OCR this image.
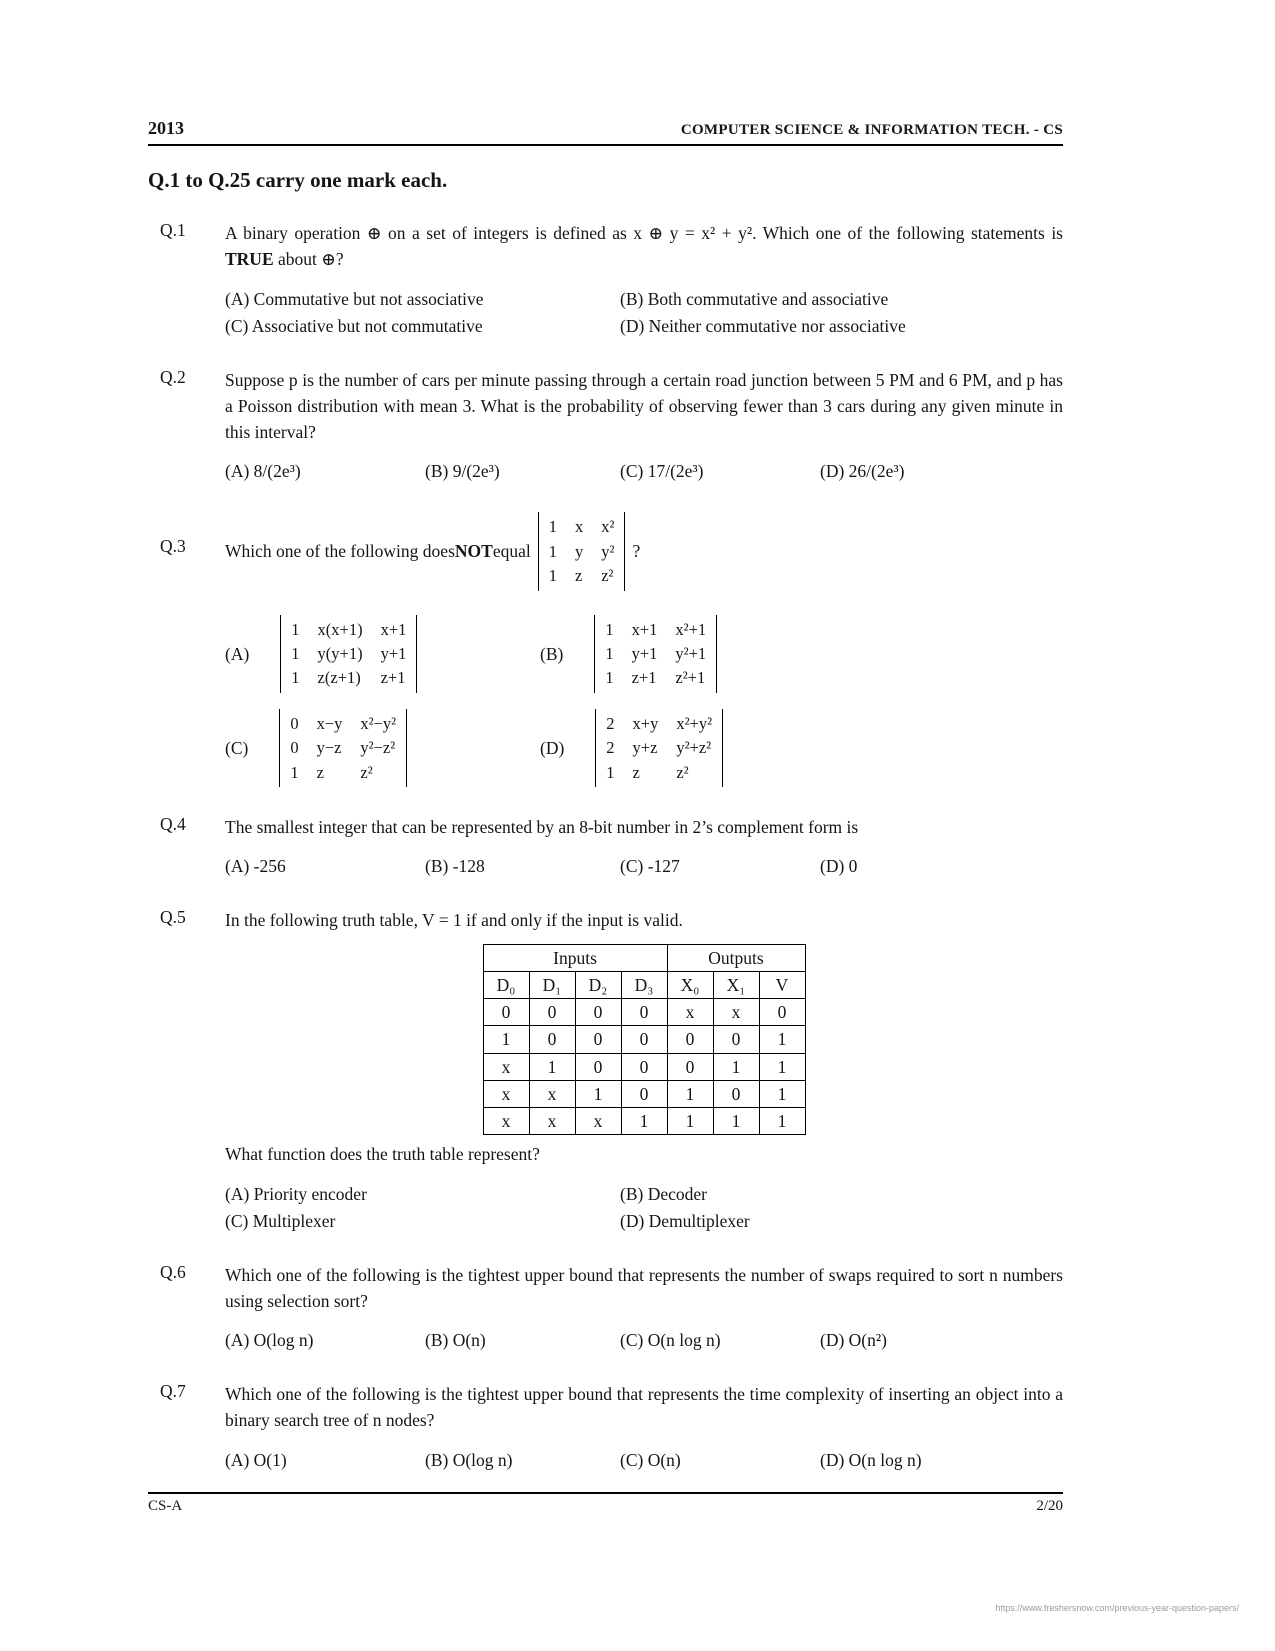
2013	COMPUTER SCIENCE & INFORMATION TECH. - CS
Q.1 to Q.25 carry one mark each.
Q.1	A binary operation ⊕ on a set of integers is defined as x ⊕ y = x² + y². Which one of the following statements is TRUE about ⊕?

(A) Commutative but not associative	(B) Both commutative and associative
(C) Associative but not commutative	(D) Neither commutative nor associative
Q.2	Suppose p is the number of cars per minute passing through a certain road junction between 5 PM and 6 PM, and p has a Poisson distribution with mean 3. What is the probability of observing fewer than 3 cars during any given minute in this interval?

(A) 8/(2e³)	(B) 9/(2e³)	(C) 17/(2e³)	(D) 26/(2e³)
Q.3	Which one of the following does NOT equal
1 x x²
1 y y²
1 z z²
?
(A)
1 x(x+1) x+1
1 y(y+1) y+1
1 z(z+1) z+1
(B)
1 x+1 x²+1
1 y+1 y²+1
1 z+1 z²+1
(C)
0 x−y x²−y²
0 y−z y²−z²
1 z	z²
(D)
2 x+y x²+y²
2 y+z y²+z²
1 z	z²
Q.4	The smallest integer that can be represented by an 8-bit number in 2’s complement form is

(A) -256	(B) -128	(C) -127	(D) 0
Q.5	In the following truth table, V = 1 if and only if the input is valid.

Inputs				Outputs		
D₀	D₁	D₂	D₃	X₀	X₁	V
0	0	0	0	x	x	0
1	0	0	0	0	0	1
x	1	0	0	0	1	1
x	x	1	0	1	0	1
x	x	x	1	1	1	1

What function does the truth table represent?

(A) Priority encoder	(B) Decoder
(C) Multiplexer	(D) Demultiplexer
Q.6	Which one of the following is the tightest upper bound that represents the number of swaps required to sort n numbers using selection sort?

(A) O(log n)	(B) O(n)	(C) O(n log n)	(D) O(n²)
Q.7	Which one of the following is the tightest upper bound that represents the time complexity of inserting an object into a binary search tree of n nodes?

(A) O(1)	(B) O(log n)	(C) O(n)	(D) O(n log n)
CS-A	2/20
https://www.freshersnow.com/previous-year-question-papers/
